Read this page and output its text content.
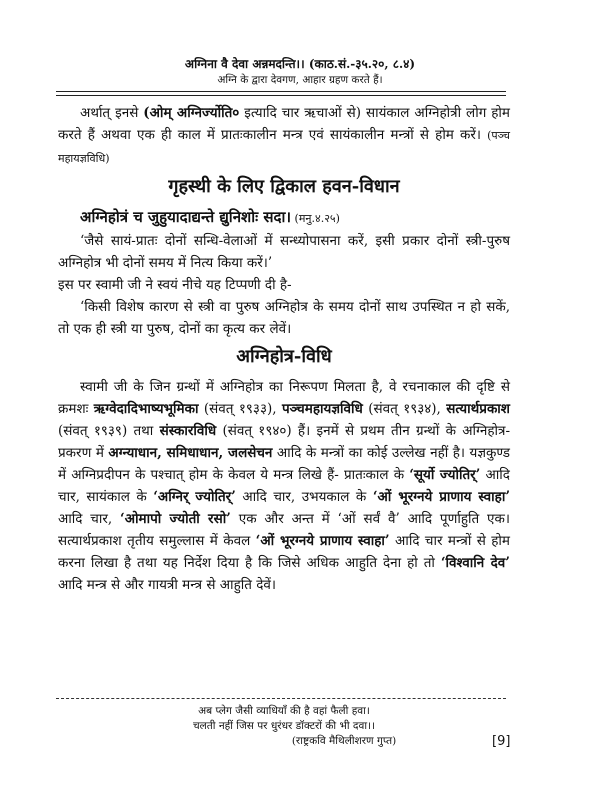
अग्निना वै देवा अन्नमदन्ति।। (काठ.सं.-३५.२०, ८.४)
अग्नि के द्वारा देवगण, आहार ग्रहण करते हैं।

अर्थात् इनसे (ओम् अग्निर्ज्योति० इत्यादि चार ऋचाओं से) सायंकाल अग्निहोत्री लोग होम करते हैं अथवा एक ही काल में प्रातःकालीन मन्त्र एवं सायंकालीन मन्त्रों से होम करें। (पञ्च महायज्ञविधि)

गृहस्थी के लिए द्विकाल हवन-विधान

अग्निहोत्रं च जुहुयादाद्यन्ते द्युनिशोः सदा। (मनु.४.२५)

‘जैसे सायं-प्रातः दोनों सन्धि-वेलाओं में सन्ध्योपासना करें, इसी प्रकार दोनों स्त्री-पुरुष अग्निहोत्र भी दोनों समय में नित्य किया करें।’

इस पर स्वामी जी ने स्वयं नीचे यह टिप्पणी दी है-

‘किसी विशेष कारण से स्त्री वा पुरुष अग्निहोत्र के समय दोनों साथ उपस्थित न हो सकें, तो एक ही स्त्री या पुरुष, दोनों का कृत्य कर लेवें।

अग्निहोत्र-विधि

स्वामी जी के जिन ग्रन्थों में अग्निहोत्र का निरूपण मिलता है, वे रचनाकाल की दृष्टि से क्रमशः ऋग्वेदादिभाष्यभूमिका (संवत् १९३३), पञ्चमहायज्ञविधि (संवत् १९३४), सत्यार्थप्रकाश (संवत् १९३९) तथा संस्कारविधि (संवत् १९४०) हैं। इनमें से प्रथम तीन ग्रन्थों के अग्निहोत्र-प्रकरण में अग्न्याधान, समिधाधान, जलसेचन आदि के मन्त्रों का कोई उल्लेख नहीं है। यज्ञकुण्ड में अग्निप्रदीपन के पश्चात् होम के केवल ये मन्त्र लिखे हैं- प्रातःकाल के ‘सूर्यो ज्योतिर्’ आदि चार, सायंकाल के ‘अग्निर् ज्योतिर्’ आदि चार, उभयकाल के ‘ओं भूरग्नये प्राणाय स्वाहा’ आदि चार, ‘ओमापो ज्योती रसो’ एक और अन्त में ‘ओं सर्वं वै’ आदि पूर्णाहुति एक। सत्यार्थप्रकाश तृतीय समुल्लास में केवल ‘ओं भूरग्नये प्राणाय स्वाहा’ आदि चार मन्त्रों से होम करना लिखा है तथा यह निर्देश दिया है कि जिसे अधिक आहुति देना हो तो ‘विश्वानि देव’ आदि मन्त्र से और गायत्री मन्त्र से आहुति देवें।

अब प्लेग जैसी व्याधियाँ की है वहां फैली हवा।
चलती नहीं जिस पर धुरंधर डॉक्टरों की भी दवा।।
(राष्ट्रकवि मैथिलीशरण गुप्त)	[9]
